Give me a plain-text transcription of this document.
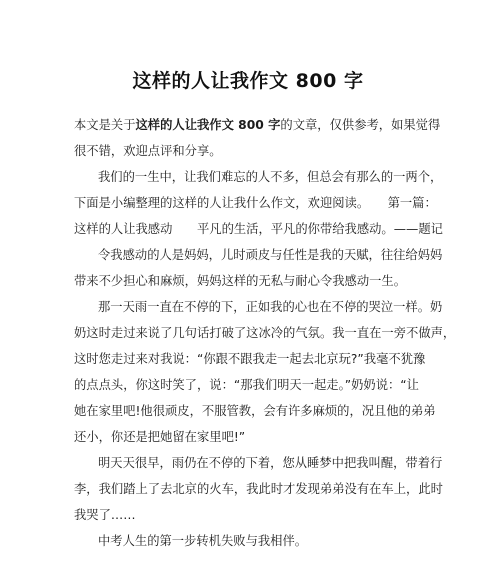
这样的人让我作文 800 字
本文是关于这样的人让我作文 800 字的文章，仅供参考，如果觉得
很不错，欢迎点评和分享。
我们的一生中，让我们难忘的人不多，但总会有那么的一两个，
下面是小编整理的这样的人让我什么作文，欢迎阅读。　　第一篇：
这样的人让我感动　　平凡的生活，平凡的你带给我感动。——题记
令我感动的人是妈妈，儿时顽皮与任性是我的天赋，往往给妈妈
带来不少担心和麻烦，妈妈这样的无私与耐心令我感动一生。
那一天雨一直在不停的下，正如我的心也在不停的哭泣一样。奶
奶这时走过来说了几句话打破了这冰冷的气氛。我一直在一旁不做声，
这时您走过来对我说：“你跟不跟我走一起去北京玩?”我毫不犹豫
的点点头，你这时笑了，说：“那我们明天一起走。”奶奶说：“让
她在家里吧!他很顽皮，不服管教，会有许多麻烦的，况且他的弟弟
还小，你还是把她留在家里吧!”
明天天很早，雨仍在不停的下着，您从睡梦中把我叫醒，带着行
李，我们踏上了去北京的火车，我此时才发现弟弟没有在车上，此时
我哭了……
中考人生的第一步转机失败与我相伴。
